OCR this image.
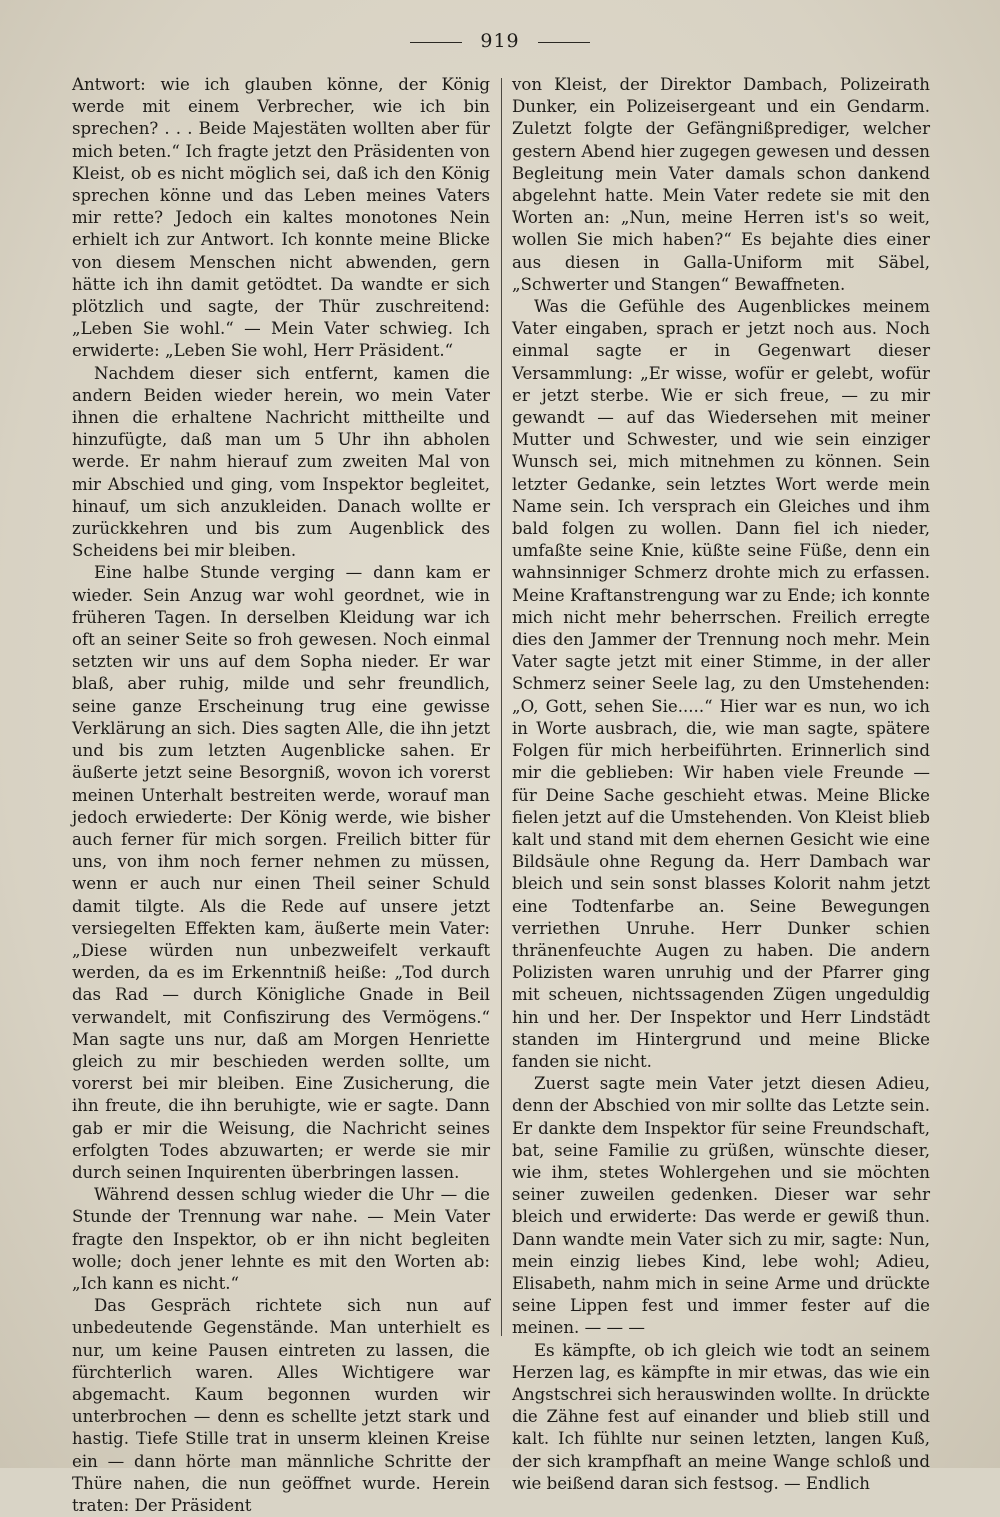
919

Antwort: wie ich glauben könne, der König werde mit einem Verbrecher, wie ich bin sprechen? . . . Beide Majestäten wollten aber für mich beten.“ Ich fragte jetzt den Präsidenten von Kleist, ob es nicht möglich sei, daß ich den König sprechen könne und das Leben meines Vaters mir rette? Jedoch ein kaltes monotones Nein erhielt ich zur Antwort. Ich konnte meine Blicke von diesem Menschen nicht abwenden, gern hätte ich ihn damit getödtet. Da wandte er sich plötzlich und sagte, der Thür zuschreitend: „Leben Sie wohl.“ — Mein Vater schwieg. Ich erwiderte: „Leben Sie wohl, Herr Präsident.“

Nachdem dieser sich entfernt, kamen die andern Beiden wieder herein, wo mein Vater ihnen die erhaltene Nachricht mittheilte und hinzufügte, daß man um 5 Uhr ihn abholen werde. Er nahm hierauf zum zweiten Mal von mir Abschied und ging, vom Inspektor begleitet, hinauf, um sich anzukleiden. Danach wollte er zurückkehren und bis zum Augenblick des Scheidens bei mir bleiben.

Eine halbe Stunde verging — dann kam er wieder. Sein Anzug war wohl geordnet, wie in früheren Tagen. In derselben Kleidung war ich oft an seiner Seite so froh gewesen. Noch einmal setzten wir uns auf dem Sopha nieder. Er war blaß, aber ruhig, milde und sehr freundlich, seine ganze Erscheinung trug eine gewisse Verklärung an sich. Dies sagten Alle, die ihn jetzt und bis zum letzten Augenblicke sahen. Er äußerte jetzt seine Besorgniß, wovon ich vorerst meinen Unterhalt bestreiten werde, worauf man jedoch erwiederte: Der König werde, wie bisher auch ferner für mich sorgen. Freilich bitter für uns, von ihm noch ferner nehmen zu müssen, wenn er auch nur einen Theil seiner Schuld damit tilgte. Als die Rede auf unsere jetzt versiegelten Effekten kam, äußerte mein Vater: „Diese würden nun unbezweifelt verkauft werden, da es im Erkenntniß heiße: „Tod durch das Rad — durch Königliche Gnade in Beil verwandelt, mit Confiszirung des Vermögens.“ Man sagte uns nur, daß am Morgen Henriette gleich zu mir beschieden werden sollte, um vorerst bei mir bleiben. Eine Zusicherung, die ihn freute, die ihn beruhigte, wie er sagte. Dann gab er mir die Weisung, die Nachricht seines erfolgten Todes abzuwarten; er werde sie mir durch seinen Inquirenten überbringen lassen.

Während dessen schlug wieder die Uhr — die Stunde der Trennung war nahe. — Mein Vater fragte den Inspektor, ob er ihn nicht begleiten wolle; doch jener lehnte es mit den Worten ab: „Ich kann es nicht.“

Das Gespräch richtete sich nun auf unbedeutende Gegenstände. Man unterhielt es nur, um keine Pausen eintreten zu lassen, die fürchterlich waren. Alles Wichtigere war abgemacht. Kaum begonnen wurden wir unterbrochen — denn es schellte jetzt stark und hastig. Tiefe Stille trat in unserm kleinen Kreise ein — dann hörte man männliche Schritte der Thüre nahen, die nun geöffnet wurde. Herein traten: Der Präsident

von Kleist, der Direktor Dambach, Polizeirath Dunker, ein Polizeisergeant und ein Gendarm. Zuletzt folgte der Gefängnißprediger, welcher gestern Abend hier zugegen gewesen und dessen Begleitung mein Vater damals schon dankend abgelehnt hatte. Mein Vater redete sie mit den Worten an: „Nun, meine Herren ist's so weit, wollen Sie mich haben?“ Es bejahte dies einer aus diesen in Galla-Uniform mit Säbel, „Schwerter und Stangen“ Bewaffneten.

Was die Gefühle des Augenblickes meinem Vater eingaben, sprach er jetzt noch aus. Noch einmal sagte er in Gegenwart dieser Versammlung: „Er wisse, wofür er gelebt, wofür er jetzt sterbe. Wie er sich freue, — zu mir gewandt — auf das Wiedersehen mit meiner Mutter und Schwester, und wie sein einziger Wunsch sei, mich mitnehmen zu können. Sein letzter Gedanke, sein letztes Wort werde mein Name sein. Ich versprach ein Gleiches und ihm bald folgen zu wollen. Dann fiel ich nieder, umfaßte seine Knie, küßte seine Füße, denn ein wahnsinniger Schmerz drohte mich zu erfassen. Meine Kraftanstrengung war zu Ende; ich konnte mich nicht mehr beherrschen. Freilich erregte dies den Jammer der Trennung noch mehr. Mein Vater sagte jetzt mit einer Stimme, in der aller Schmerz seiner Seele lag, zu den Umstehenden: „O, Gott, sehen Sie.....“ Hier war es nun, wo ich in Worte ausbrach, die, wie man sagte, spätere Folgen für mich herbeiführten. Erinnerlich sind mir die geblieben: Wir haben viele Freunde — für Deine Sache geschieht etwas. Meine Blicke fielen jetzt auf die Umstehenden. Von Kleist blieb kalt und stand mit dem ehernen Gesicht wie eine Bildsäule ohne Regung da. Herr Dambach war bleich und sein sonst blasses Kolorit nahm jetzt eine Todtenfarbe an. Seine Bewegungen verriethen Unruhe. Herr Dunker schien thränenfeuchte Augen zu haben. Die andern Polizisten waren unruhig und der Pfarrer ging mit scheuen, nichtssagenden Zügen ungeduldig hin und her. Der Inspektor und Herr Lindstädt standen im Hintergrund und meine Blicke fanden sie nicht.

Zuerst sagte mein Vater jetzt diesen Adieu, denn der Abschied von mir sollte das Letzte sein. Er dankte dem Inspektor für seine Freundschaft, bat, seine Familie zu grüßen, wünschte dieser, wie ihm, stetes Wohlergehen und sie möchten seiner zuweilen gedenken. Dieser war sehr bleich und erwiderte: Das werde er gewiß thun. Dann wandte mein Vater sich zu mir, sagte: Nun, mein einzig liebes Kind, lebe wohl; Adieu, Elisabeth, nahm mich in seine Arme und drückte seine Lippen fest und immer fester auf die meinen. — — —

Es kämpfte, ob ich gleich wie todt an seinem Herzen lag, es kämpfte in mir etwas, das wie ein Angstschrei sich herauswinden wollte. In drückte die Zähne fest auf einander und blieb still und kalt. Ich fühlte nur seinen letzten, langen Kuß, der sich krampfhaft an meine Wange schloß und wie beißend daran sich festsog. — Endlich
